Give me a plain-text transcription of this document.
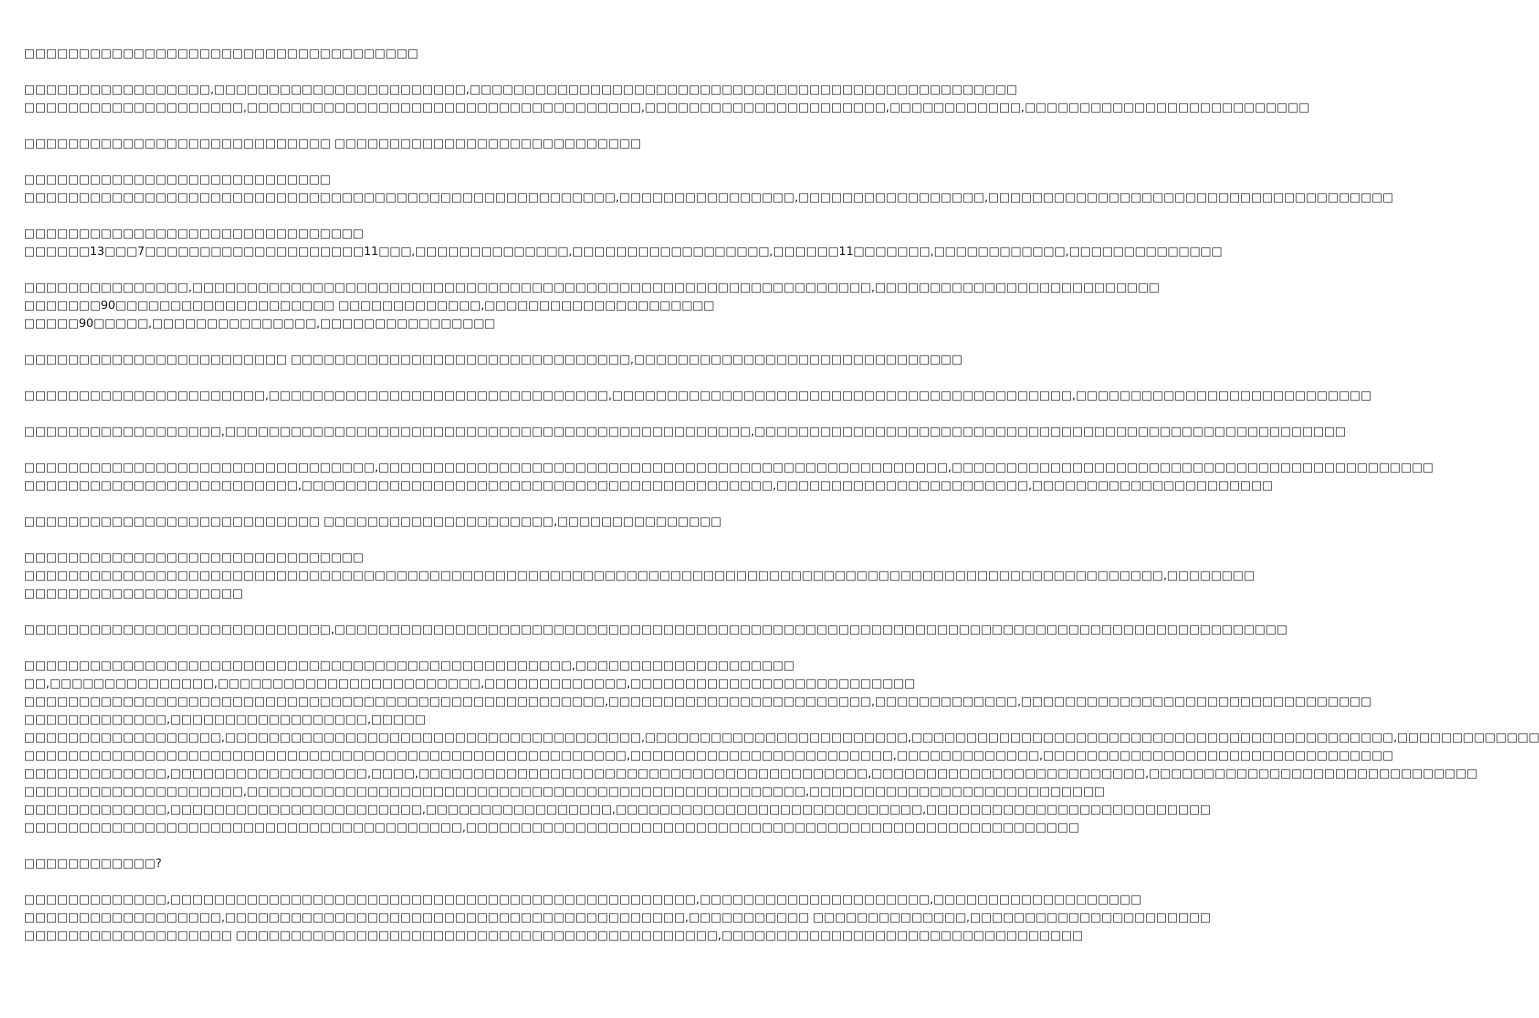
□□□□□□□□□□□□□□□□□□□□□□□□□□□□□□□□□□□□
□□□□□□□□□□□□□□□□□,□□□□□□□□□□□□□□□□□□□□□□□,□□□□□□□□□□□□□□□□□□□□□□□□□□□□□□□□□□□□□□□□□□□□□□□□□□
□□□□□□□□□□□□□□□□□□□□,□□□□□□□□□□□□□□□□□□□□□□□□□□□□□□□□□□□□,□□□□□□□□□□□□□□□□□□□□□□,□□□□□□□□□□□□,□□□□□□□□□□□□□□□□□□□□□□□□□□
□□□□□□□□□□□□□□□□□□□□□□□□□□□□ □□□□□□□□□□□□□□□□□□□□□□□□□□□□
□□□□□□□□□□□□□□□□□□□□□□□□□□□□
□□□□□□□□□□□□□□□□□□□□□□□□□□□□□□□□□□□□□□□□□□□□□□□□□□□□□□,□□□□□□□□□□□□□□□□,□□□□□□□□□□□□□□□□□,□□□□□□□□□□□□□□□□□□□□□□□□□□□□□□□□□□□□□
□□□□□□□□□□□□□□□□□□□□□□□□□□□□□□□
□□□□□□13□□□7□□□□□□□□□□□□□□□□□□□□11□□□,□□□□□□□□□□□□□□,□□□□□□□□□□□□□□□□□□,□□□□□□11□□□□□□□,□□□□□□□□□□□□,□□□□□□□□□□□□□□
□□□□□□□□□□□□□□□,□□□□□□□□□□□□□□□□□□□□□□□□□□□□□□□□□□□□□□□□□□□□□□□□□□□□□□□□□□□□□□,□□□□□□□□□□□□□□□□□□□□□□□□□□
□□□□□□□90□□□□□□□□□□□□□□□□□□□□ □□□□□□□□□□□□□,□□□□□□□□□□□□□□□□□□□□□
□□□□□90□□□□□,□□□□□□□□□□□□□□□,□□□□□□□□□□□□□□□□
□□□□□□□□□□□□□□□□□□□□□□□□ □□□□□□□□□□□□□□□□□□□□□□□□□□□□□□□,□□□□□□□□□□□□□□□□□□□□□□□□□□□□□□
□□□□□□□□□□□□□□□□□□□□□□,□□□□□□□□□□□□□□□□□□□□□□□□□□□□□□□,□□□□□□□□□□□□□□□□□□□□□□□□□□□□□□□□□□□□□□□□□□,□□□□□□□□□□□□□□□□□□□□□□□□□□□
□□□□□□□□□□□□□□□□□□,□□□□□□□□□□□□□□□□□□□□□□□□□□□□□□□□□□□□□□□□□□□□□□□□,□□□□□□□□□□□□□□□□□□□□□□□□□□□□□□□□□□□□□□□□□□□□□□□□□□□□□□
□□□□□□□□□□□□□□□□□□□□□□□□□□□□□□□□,□□□□□□□□□□□□□□□□□□□□□□□□□□□□□□□□□□□□□□□□□□□□□□□□□□□□,□□□□□□□□□□□□□□□□□□□□□□□□□□□□□□□□□□□□□□□□□□□□
□□□□□□□□□□□□□□□□□□□□□□□□□,□□□□□□□□□□□□□□□□□□□□□□□□□□□□□□□□□□□□□□□□□□□,□□□□□□□□□□□□□□□□□□□□□□□,□□□□□□□□□□□□□□□□□□□□□□
□□□□□□□□□□□□□□□□□□□□□□□□□□□ □□□□□□□□□□□□□□□□□□□□□,□□□□□□□□□□□□□□□
□□□□□□□□□□□□□□□□□□□□□□□□□□□□□□□
□□□□□□□□□□□□□□□□□□□□□□□□□□□□□□□□□□□□□□□□□□□□□□□□□□□□□□□□□□□□□□□□□□□□□□□□□□□□□□□□□□□□□□□□□□□□□□□□□□□□□□□□,□□□□□□□□
□□□□□□□□□□□□□□□□□□□□
□□□□□□□□□□□□□□□□□□□□□□□□□□□□,□□□□□□□□□□□□□□□□□□□□□□□□□□□□□□□□□□□□□□□□□□□□□□□□□□□□□□□□□□□□□□□□□□□□□□□□□□□□□□□□□□□□□□□
□□□□□□□□□□□□□□□□□□□□□□□□□□□□□□□□□□□□□□□□□□□□□□□□□□,□□□□□□□□□□□□□□□□□□□□
□□,□□□□□□□□□□□□□□□,□□□□□□□□□□□□□□□□□□□□□□□□,□□□□□□□□□□□□□,□□□□□□□□□□□□□□□□□□□□□□□□□□
□□□□□□□□□□□□□□□□□□□□□□□□□□□□□□□□□□□□□□□□□□□□□□□□□□□□□,□□□□□□□□□□□□□□□□□□□□□□□□,□□□□□□□□□□□□□,□□□□□□□□□□□□□□□□□□□□□□□□□□□□□□□□
□□□□□□□□□□□□□,□□□□□□□□□□□□□□□□□□,□□□□□
□□□□□□□□□□□□□□□□□□,□□□□□□□□□□□□□□□□□□□□□□□□□□□□□□□□□□□□□□,□□□□□□□□□□□□□□□□□□□□□□□□,□□□□□□□□□□□□□□□□□□□□□□□□□□□□□□□□□□□□□□□□□□□□,□□□□□□□□□□□□□
□□□□□□□□□□□□□□□□□□□□□□□□□□□□□□□□□□□□□□□□□□□□□□□□□□□□□□□,□□□□□□□□□□□□□□□□□□□□□□□□,□□□□□□□□□□□□□,□□□□□□□□□□□□□□□□□□□□□□□□□□□□□□□□
□□□□□□□□□□□□□,□□□□□□□□□□□□□□□□□□,□□□□,□□□□□□□□□□□□□□□□□□□□□□□□□□□□□□□□□□□□□□□□□,□□□□□□□□□□□□□□□□□□□□□□□□□,□□□□□□□□□□□□□□□□□□□□□□□□□□□□□□
□□□□□□□□□□□□□□□□□□□□,□□□□□□□□□□□□□□□□□□□□□□□□□□□□□□□□□□□□□□□□□□□□□□□□□□□,□□□□□□□□□□□□□□□□□□□□□□□□□□□
□□□□□□□□□□□□□,□□□□□□□□□□□□□□□□□□□□□□□,□□□□□□□□□□□□□□□□□,□□□□□□□□□□□□□□□□□□□□□□□□□□□□,□□□□□□□□□□□□□□□□□□□□□□□□□□
□□□□□□□□□□□□□□□□□□□□□□□□□□□□□□□□□□□□□□□□,□□□□□□□□□□□□□□□□□□□□□□□□□□□□□□□□□□□□□□□□□□□□□□□□□□□□□□□□
□□□□□□□□□□□□?
□□□□□□□□□□□□□,□□□□□□□□□□□□□□□□□□□□□□□□□□□□□□□□□□□□□□□□□□□□□□□□,□□□□□□□□□□□□□□□□□□□□□,□□□□□□□□□□□□□□□□□□□
□□□□□□□□□□□□□□□□□□,□□□□□□□□□□□□□□□□□□□□□□□□□□□□□□□□□□□□□□□□□□,□□□□□□□□□□□ □□□□□□□□□□□□□□,□□□□□□□□□□□□□□□□□□□□□□
□□□□□□□□□□□□□□□□□□□ □□□□□□□□□□□□□□□□□□□□□□□□□□□□□□□□□□□□□□□□□□□□,□□□□□□□□□□□□□□□□□□□□□□□□□□□□□□□□□
